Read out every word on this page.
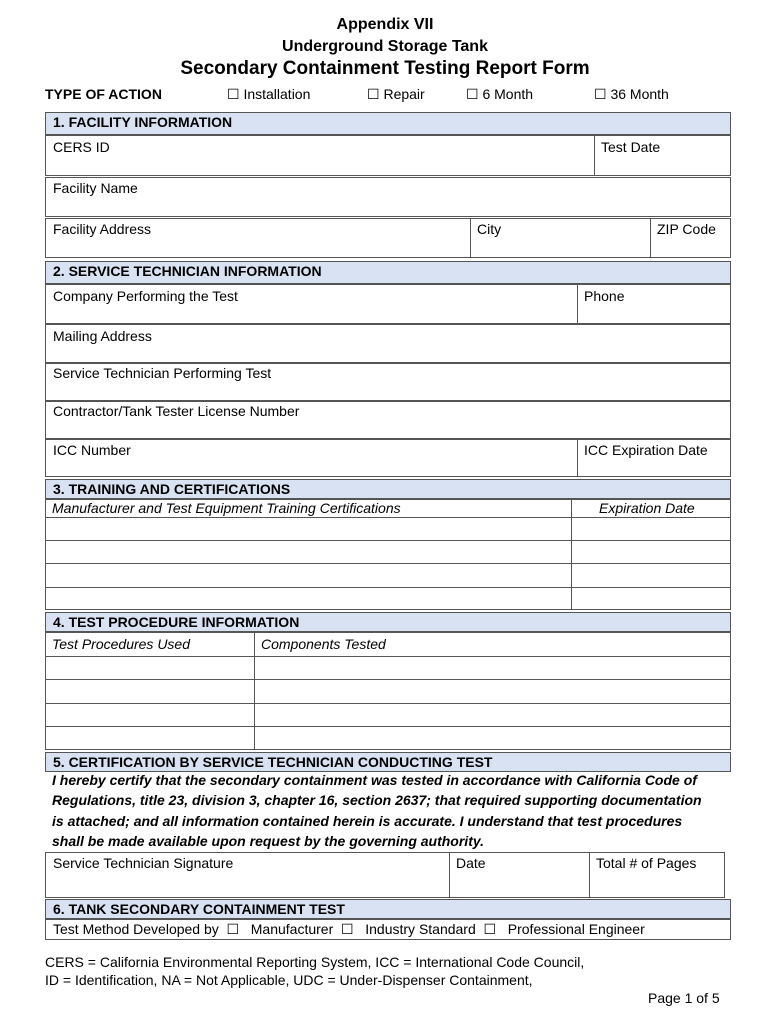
Appendix VII
Underground Storage Tank
Secondary Containment Testing Report Form
TYPE OF ACTION	☐ Installation	☐ Repair	☐ 6 Month	☐ 36 Month
1. FACILITY INFORMATION
CERS ID	Test Date
Facility Name
Facility Address	City	ZIP Code
2. SERVICE TECHNICIAN INFORMATION
Company Performing the Test	Phone
Mailing Address
Service Technician Performing Test
Contractor/Tank Tester License Number
ICC Number	ICC Expiration Date
3. TRAINING AND CERTIFICATIONS
Manufacturer and Test Equipment Training Certifications	Expiration Date
4. TEST PROCEDURE INFORMATION
Test Procedures Used	Components Tested
5. CERTIFICATION BY SERVICE TECHNICIAN CONDUCTING TEST
I hereby certify that the secondary containment was tested in accordance with California Code of Regulations, title 23, division 3, chapter 16, section 2637; that required supporting documentation is attached; and all information contained herein is accurate. I understand that test procedures shall be made available upon request by the governing authority.
Service Technician Signature	Date	Total # of Pages
6. TANK SECONDARY CONTAINMENT TEST
Test Method Developed by  ☐   Manufacturer  ☐   Industry Standard  ☐   Professional Engineer
CERS = California Environmental Reporting System, ICC = International Code Council,
ID = Identification, NA = Not Applicable, UDC = Under-Dispenser Containment,
Page 1 of 5
